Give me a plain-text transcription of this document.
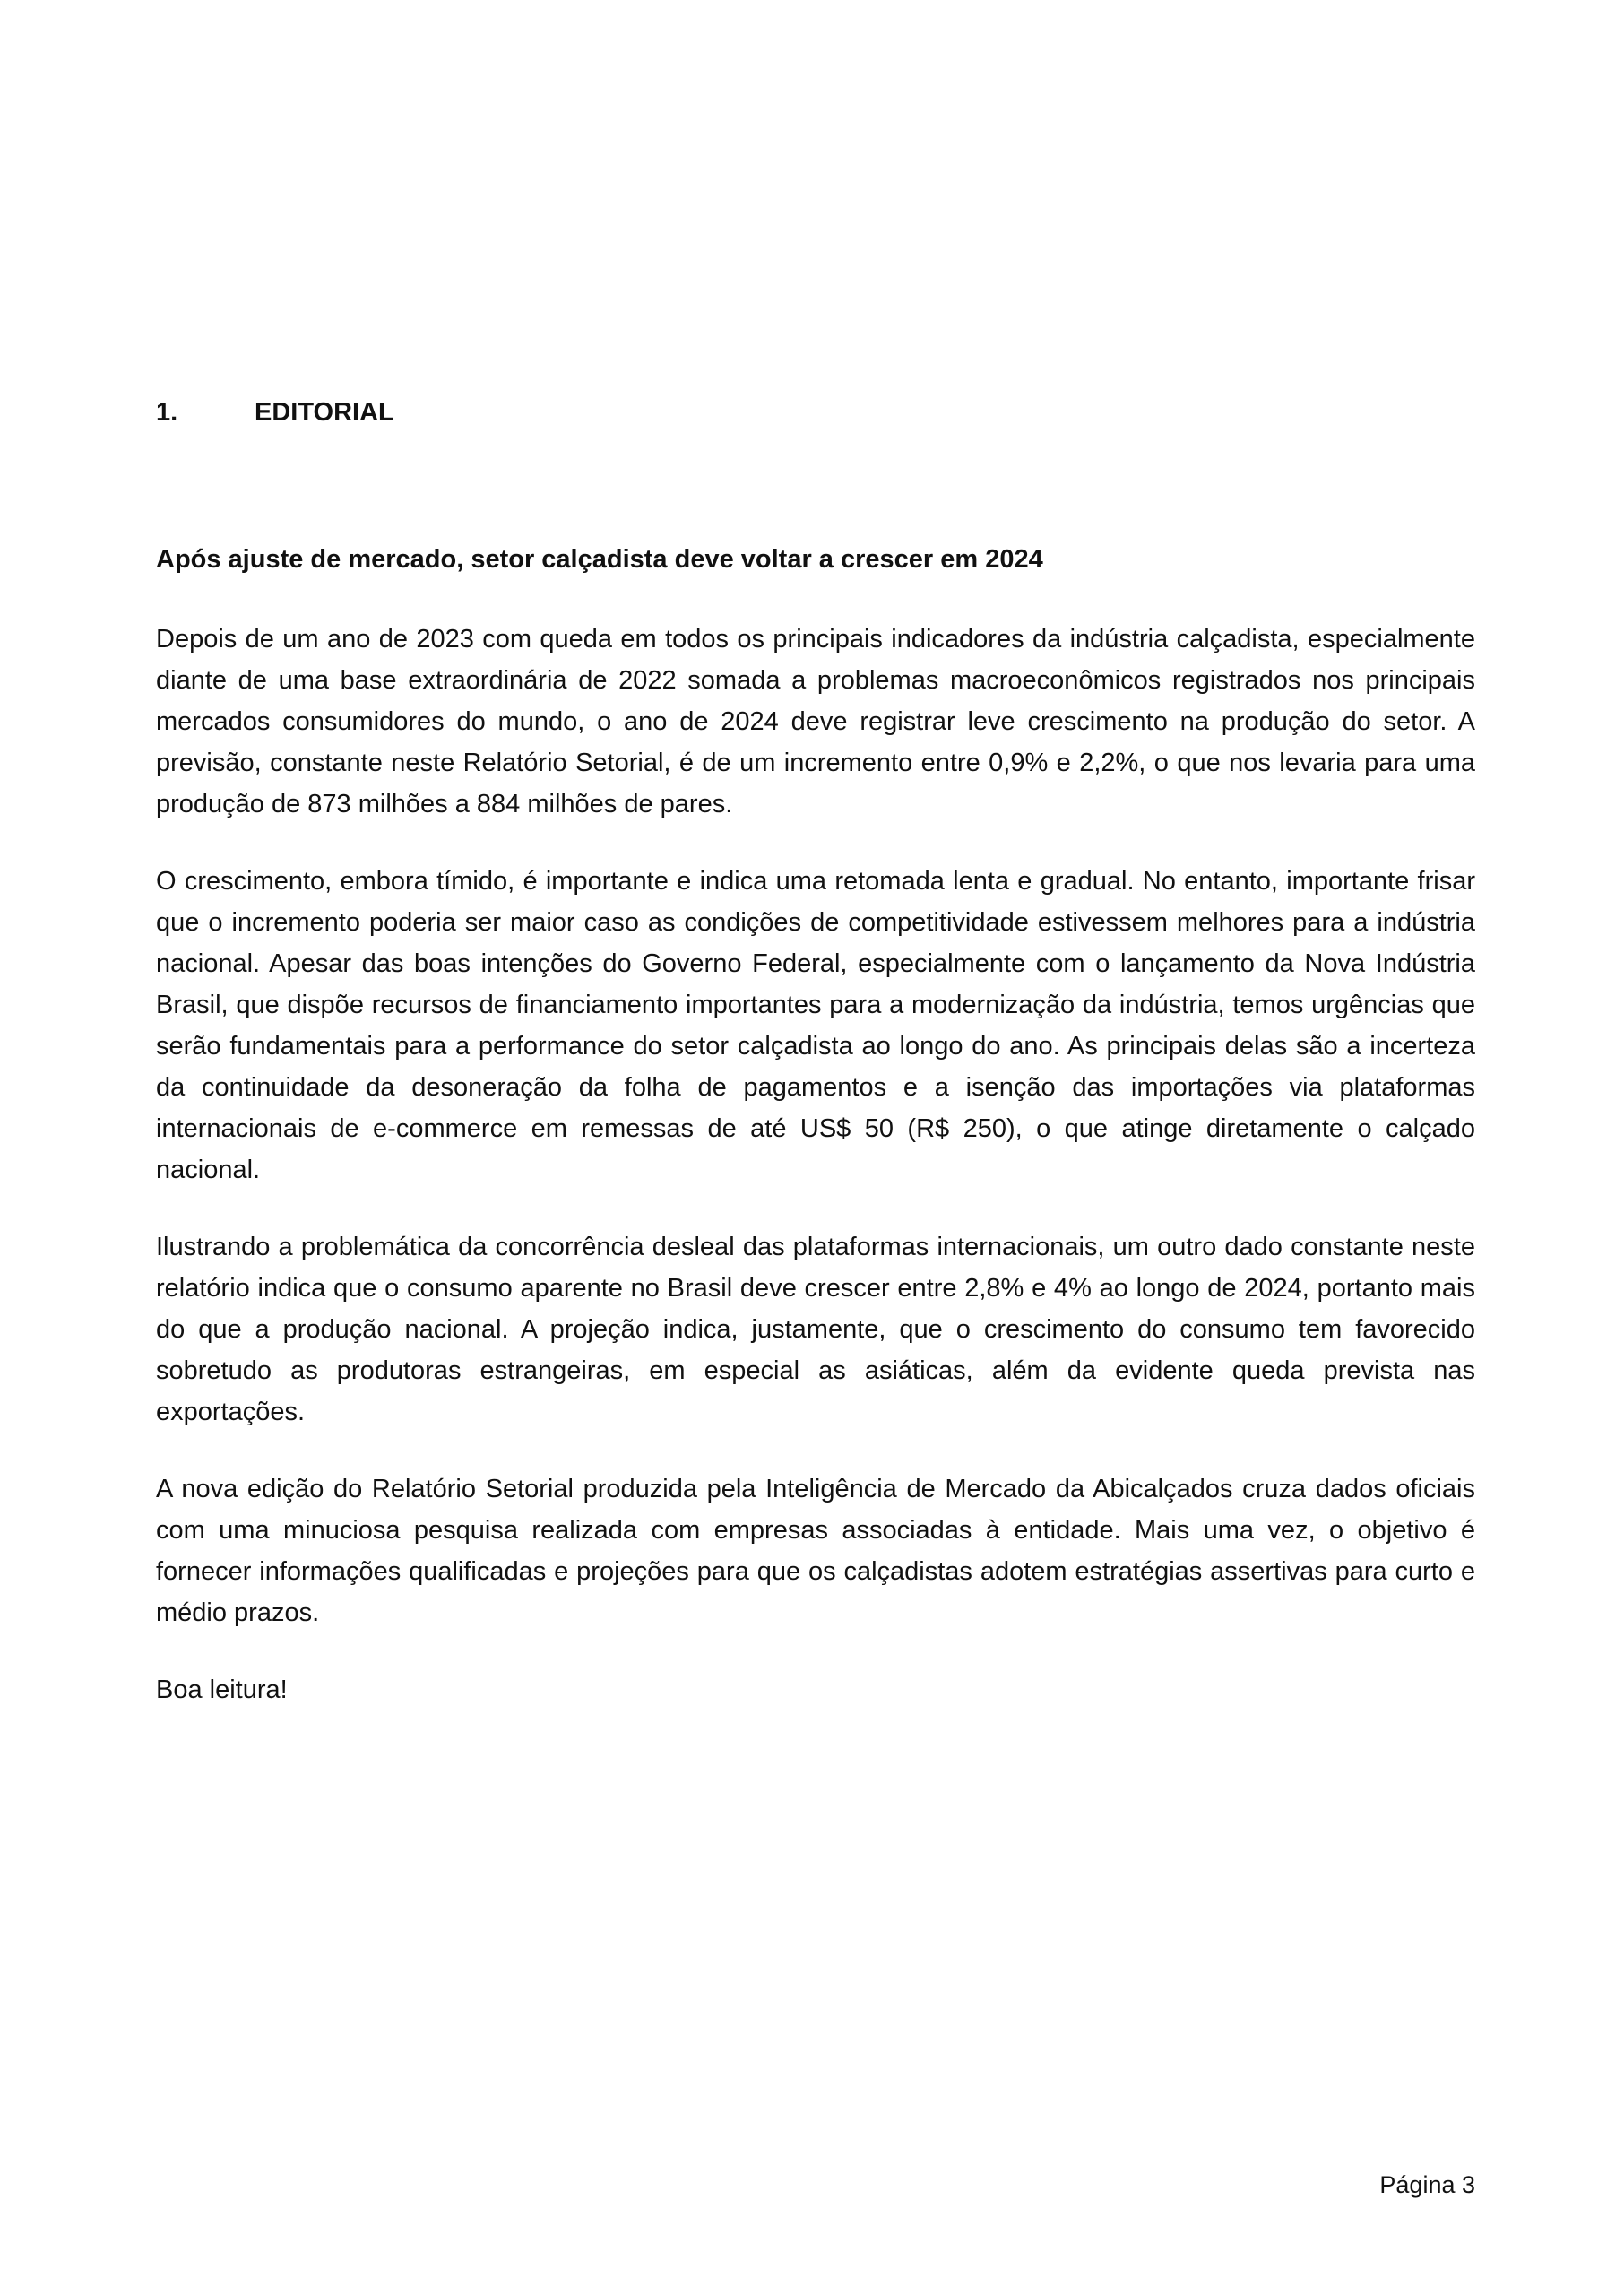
1.	EDITORIAL

Após ajuste de mercado, setor calçadista deve voltar a crescer em 2024

Depois de um ano de 2023 com queda em todos os principais indicadores da indústria calçadista, especialmente diante de uma base extraordinária de 2022 somada a problemas macroeconômicos registrados nos principais mercados consumidores do mundo, o ano de 2024 deve registrar leve crescimento na produção do setor. A previsão, constante neste Relatório Setorial, é de um incremento entre 0,9% e 2,2%, o que nos levaria para uma produção de 873 milhões a 884 milhões de pares.

O crescimento, embora tímido, é importante e indica uma retomada lenta e gradual. No entanto, importante frisar que o incremento poderia ser maior caso as condições de competitividade estivessem melhores para a indústria nacional. Apesar das boas intenções do Governo Federal, especialmente com o lançamento da Nova Indústria Brasil, que dispõe recursos de financiamento importantes para a modernização da indústria, temos urgências que serão fundamentais para a performance do setor calçadista ao longo do ano. As principais delas são a incerteza da continuidade da desoneração da folha de pagamentos e a isenção das importações via plataformas internacionais de e-commerce em remessas de até US$ 50 (R$ 250), o que atinge diretamente o calçado nacional.

Ilustrando a problemática da concorrência desleal das plataformas internacionais, um outro dado constante neste relatório indica que o consumo aparente no Brasil deve crescer entre 2,8% e 4% ao longo de 2024, portanto mais do que a produção nacional. A projeção indica, justamente, que o crescimento do consumo tem favorecido sobretudo as produtoras estrangeiras, em especial as asiáticas, além da evidente queda prevista nas exportações.

A nova edição do Relatório Setorial produzida pela Inteligência de Mercado da Abicalçados cruza dados oficiais com uma minuciosa pesquisa realizada com empresas associadas à entidade. Mais uma vez, o objetivo é fornecer informações qualificadas e projeções para que os calçadistas adotem estratégias assertivas para curto e médio prazos.

Boa leitura!

Página 3
